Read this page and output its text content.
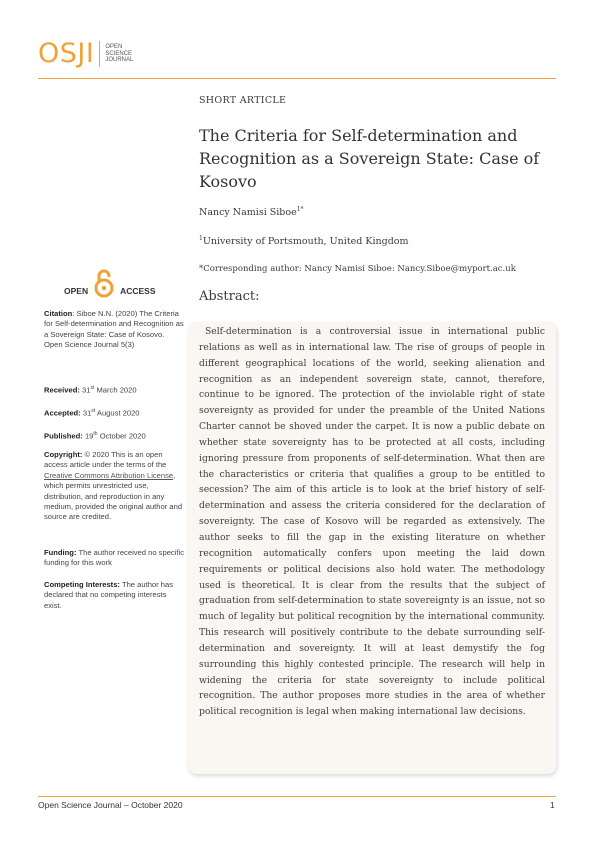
OSJI OPEN
SCIENCE
JOURNAL
SHORT ARTICLE
The Criteria for Self-determination and Recognition as a Sovereign State: Case of Kosovo
Nancy Namisi Siboe$^{1*}$
$^1$University of Portsmouth, United Kingdom
*Corresponding author: Nancy Namisi Siboe: Nancy.Siboe@myport.ac.uk
Abstract:
Self-determination is a controversial issue in international public relations as well as in international law. The rise of groups of people in different geographical locations of the world, seeking alienation and recognition as an independent sovereign state, cannot, therefore, continue to be ignored. The protection of the inviolable right of state sovereignty as provided for under the preamble of the United Nations Charter cannot be shoved under the carpet. It is now a public debate on whether state sovereignty has to be protected at all costs, including ignoring pressure from proponents of self-determination. What then are the characteristics or criteria that qualifies a group to be entitled to secession? The aim of this article is to look at the brief history of self-determination and assess the criteria considered for the declaration of sovereignty. The case of Kosovo will be regarded as extensively. The author seeks to fill the gap in the existing literature on whether recognition automatically confers upon meeting the laid down requirements or political decisions also hold water. The methodology used is theoretical. It is clear from the results that the subject of graduation from self-determination to state sovereignty is an issue, not so much of legality but political recognition by the international community. This research will positively contribute to the debate surrounding self-determination and sovereignty. It will at least demystify the fog surrounding this highly contested principle. The research will help in widening the criteria for state sovereignty to include political recognition. The author proposes more studies in the area of whether political recognition is legal when making international law decisions.
OPEN	ACCESS
Citation: Siboe N.N. (2020) The Criteria for Self-determination and Recognition as a Sovereign State: Case of Kosovo. Open Science Journal 5(3)
Received: 31st March 2020
Accepted: 31st August 2020
Published: 19th October 2020
Copyright: © 2020 This is an open access article under the terms of the Creative Commons Attribution License, which permits unrestricted use, distribution, and reproduction in any medium, provided the original author and source are credited.
Funding: The author received no specific funding for this work
Competing Interests: The author has declared that no competing interests exist.
Open Science Journal – October 2020	1
